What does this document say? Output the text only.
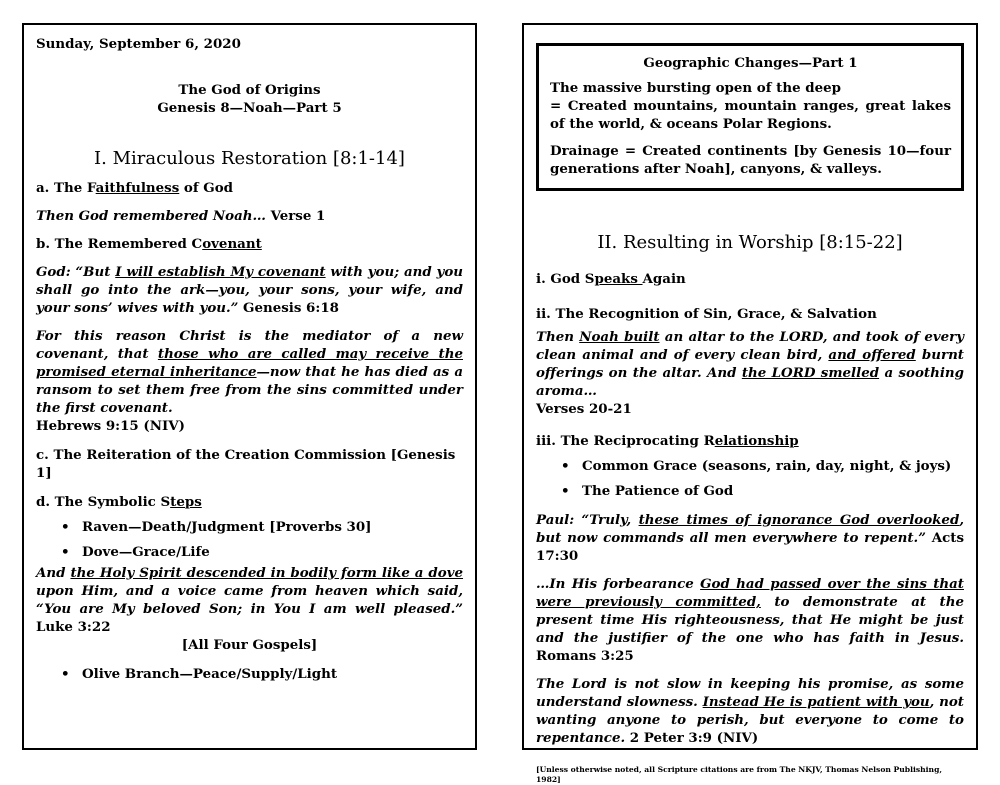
Sunday, September 6, 2020

The God of Origins

Genesis 8—Noah—Part 5

I. Miraculous Restoration [8:1-14]

a. The Faithfulness of God

Then God remembered Noah… Verse 1

b. The Remembered Covenant

God: “But I will establish My covenant with you; and you shall go into the ark—you, your sons, your wife, and your sons’ wives with you.” Genesis 6:18

For this reason Christ is the mediator of a new covenant, that those who are called may receive the promised eternal inheritance—now that he has died as a ransom to set them free from the sins committed under the first covenant.

Hebrews 9:15 (NIV)

c. The Reiteration of the Creation Commission [Genesis 1]

d. The Symbolic Steps

• Raven—Death/Judgment [Proverbs 30]
• Dove—Grace/Life

And the Holy Spirit descended in bodily form like a dove upon Him, and a voice came from heaven which said, “You are My beloved Son; in You I am well pleased.” Luke 3:22

[All Four Gospels]

• Olive Branch—Peace/Supply/Light

Geographic Changes—Part 1

The massive bursting open of the deep

= Created mountains, mountain ranges, great lakes of the world, & oceans Polar Regions.

Drainage = Created continents [by Genesis 10—four generations after Noah], canyons, & valleys.

II. Resulting in Worship [8:15-22]

i. God Speaks Again

ii. The Recognition of Sin, Grace, & Salvation

Then Noah built an altar to the LORD, and took of every clean animal and of every clean bird, and offered burnt offerings on the altar. And the LORD smelled a soothing aroma…

Verses 20-21

iii. The Reciprocating Relationship

• Common Grace (seasons, rain, day, night, & joys)
• The Patience of God

Paul: “Truly, these times of ignorance God overlooked, but now commands all men everywhere to repent.” Acts 17:30

…In His forbearance God had passed over the sins that were previously committed, to demonstrate at the present time His righteousness, that He might be just and the justifier of the one who has faith in Jesus. Romans 3:25

The Lord is not slow in keeping his promise, as some understand slowness. Instead He is patient with you, not wanting anyone to perish, but everyone to come to repentance. 2 Peter 3:9 (NIV)

[Unless otherwise noted, all Scripture citations are from The NKJV, Thomas Nelson Publishing, 1982]
